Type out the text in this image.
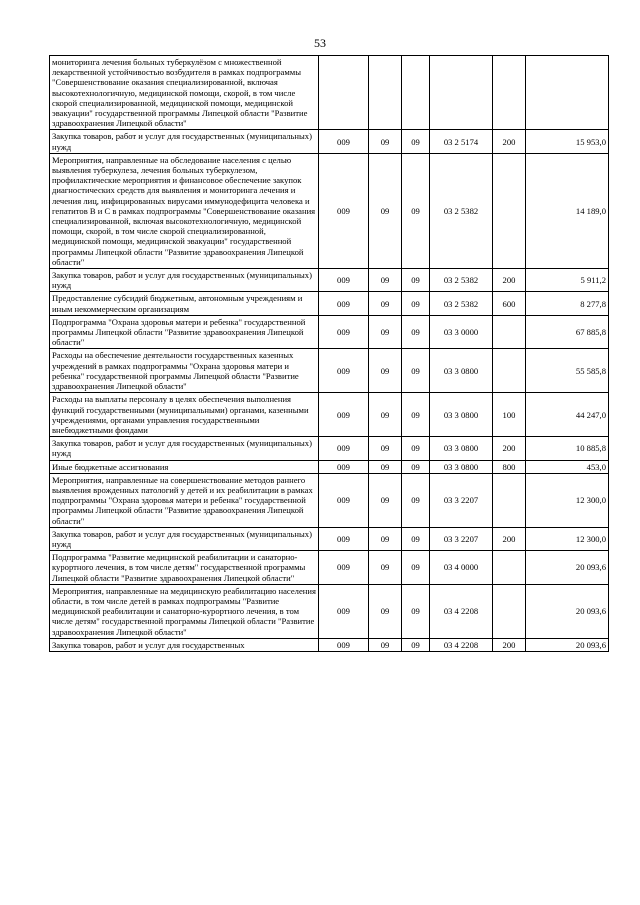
53
мониторинга лечения больных туберкулёзом с множественной лекарственной устойчивостью возбудителя в рамках подпрограммы "Совершенствование оказания специализированной, включая высокотехнологичную, медицинской помощи, скорой, в том числе скорой специализированной, медицинской помощи, медицинской эвакуации" государственной программы Липецкой области "Развитие здравоохранения Липецкой области"						
Закупка товаров, работ и услуг для государственных (муниципальных) нужд	009	09	09	03 2 5174	200	15 953,0
Мероприятия, направленные на обследование населения с целью выявления туберкулеза, лечения больных туберкулезом, профилактические мероприятия и финансовое обеспечение закупок диагностических средств для выявления и мониторинга лечения и лечения лиц, инфицированных вирусами иммунодефицита человека и гепатитов В и С в рамках подпрограммы "Совершенствование оказания специализированной, включая высокотехнологичную, медицинской помощи, скорой, в том числе скорой специализированной, медицинской помощи, медицинской эвакуации" государственной программы Липецкой области "Развитие здравоохранения Липецкой области"	009	09	09	03 2 5382		14 189,0
Закупка товаров, работ и услуг для государственных (муниципальных) нужд	009	09	09	03 2 5382	200	5 911,2
Предоставление субсидий бюджетным, автономным учреждениям и иным некоммерческим организациям	009	09	09	03 2 5382	600	8 277,8
Подпрограмма "Охрана здоровья матери и ребенка" государственной программы Липецкой области "Развитие здравоохранения Липецкой области"	009	09	09	03 3 0000		67 885,8
Расходы на обеспечение деятельности государственных казенных учреждений в рамках подпрограммы "Охрана здоровья матери и ребенка" государственной программы Липецкой области "Развитие здравоохранения Липецкой области"	009	09	09	03 3 0800		55 585,8
Расходы на выплаты персоналу в целях обеспечения выполнения функций государственными (муниципальными) органами, казенными учреждениями, органами управления государственными внебюджетными фондами	009	09	09	03 3 0800	100	44 247,0
Закупка товаров, работ и услуг для государственных (муниципальных) нужд	009	09	09	03 3 0800	200	10 885,8
Иные бюджетные ассигнования	009	09	09	03 3 0800	800	453,0
Мероприятия, направленные на совершенствование методов раннего выявления врожденных патологий у детей и их реабилитации в рамках подпрограммы "Охрана здоровья матери и ребенка" государственной программы Липецкой области "Развитие здравоохранения Липецкой области"	009	09	09	03 3 2207		12 300,0
Закупка товаров, работ и услуг для государственных (муниципальных) нужд	009	09	09	03 3 2207	200	12 300,0
Подпрограмма "Развитие медицинской реабилитации и санаторно-курортного лечения, в том числе детям" государственной программы Липецкой области "Развитие здравоохранения Липецкой области"	009	09	09	03 4 0000		20 093,6
Мероприятия, направленные на медицинскую реабилитацию населения области, в том числе детей в рамках подпрограммы "Развитие медицинской реабилитации и санаторно-курортного лечения, в том числе детям" государственной программы Липецкой области "Развитие здравоохранения Липецкой области"	009	09	09	03 4 2208		20 093,6
Закупка товаров, работ и услуг для государственных	009	09	09	03 4 2208	200	20 093,6
